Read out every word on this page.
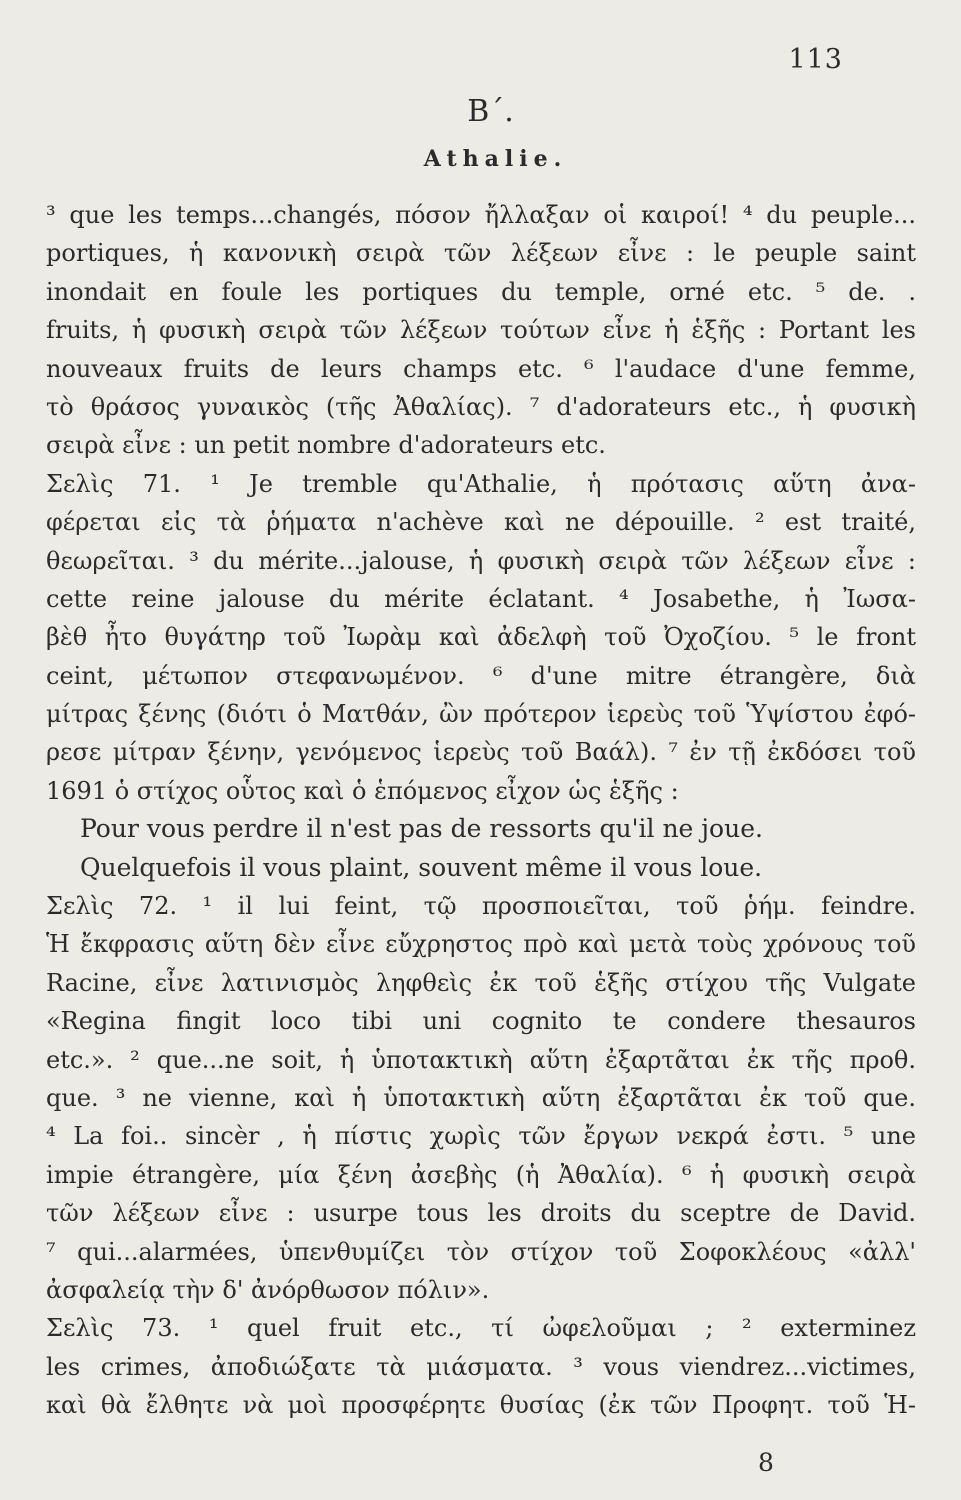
113
B΄.
Athalie.
³ que les temps...changés, πόσον ἤλλαξαν οἱ καιροί! ⁴ du peuple...
portiques, ἡ κανονικὴ σειρὰ τῶν λέξεων εἶνε : le peuple saint
inondait en foule les portiques du temple, orné etc. ⁵ de. .
fruits, ἡ φυσικὴ σειρὰ τῶν λέξεων τούτων εἶνε ἡ ἑξῆς : Portant les
nouveaux fruits de leurs champs etc. ⁶ l'audace d'une femme,
τὸ θράσος γυναικὸς (τῆς Ἀθαλίας). ⁷ d'adorateurs etc., ἡ φυσικὴ
σειρὰ εἶνε : un petit nombre d'adorateurs etc.
Σελὶς 71. ¹ Je tremble qu'Athalie, ἡ πρότασις αὕτη ἀνα-
φέρεται εἰς τὰ ῥήματα n'achève καὶ ne dépouille. ² est traité,
θεωρεῖται. ³ du mérite...jalouse, ἡ φυσικὴ σειρὰ τῶν λέξεων εἶνε :
cette reine jalouse du mérite éclatant. ⁴ Josabethe, ἡ Ἰωσα-
βὲθ ἦτο θυγάτηρ τοῦ Ἰωρὰμ καὶ ἀδελφὴ τοῦ Ὀχοζίου. ⁵ le front
ceint, μέτωπον στεφανωμένον. ⁶ d'une mitre étrangère, διὰ
μίτρας ξένης (διότι ὁ Ματθάν, ὢν πρότερον ἱερεὺς τοῦ Ὑψίστου ἐφό-
ρεσε μίτραν ξένην, γενόμενος ἱερεὺς τοῦ Βαάλ). ⁷ ἐν τῇ ἐκδόσει τοῦ
1691 ὁ στίχος οὗτος καὶ ὁ ἑπόμενος εἶχον ὡς ἑξῆς :
Pour vous perdre il n'est pas de ressorts qu'il ne joue.
Quelquefois il vous plaint, souvent même il vous loue.
Σελὶς 72. ¹ il lui feint, τῷ προσποιεῖται, τοῦ ῥήμ. feindre.
Ἡ ἔκφρασις αὕτη δὲν εἶνε εὔχρηστος πρὸ καὶ μετὰ τοὺς χρόνους τοῦ
Racine, εἶνε λατινισμὸς ληφθεὶς ἐκ τοῦ ἑξῆς στίχου τῆς Vulgate
«Regina fingit loco tibi uni cognito te condere thesauros
etc.». ² que...ne soit, ἡ ὑποτακτικὴ αὕτη ἐξαρτᾶται ἐκ τῆς προθ.
que. ³ ne vienne, καὶ ἡ ὑποτακτικὴ αὕτη ἐξαρτᾶται ἐκ τοῦ que.
⁴ La foi.. sincèr , ἡ πίστις χωρὶς τῶν ἔργων νεκρά ἐστι. ⁵ une
impie étrangère, μία ξένη ἀσεβὴς (ἡ Ἀθαλία). ⁶ ἡ φυσικὴ σειρὰ
τῶν λέξεων εἶνε : usurpe tous les droits du sceptre de David.
⁷ qui...alarmées, ὑπενθυμίζει τὸν στίχον τοῦ Σοφοκλέους «ἀλλ'
ἀσφαλείᾳ τὴν δ' ἀνόρθωσον πόλιν».
Σελὶς 73. ¹ quel fruit etc., τί ὠφελοῦμαι ; ² exterminez
les crimes, ἀποδιώξατε τὰ μιάσματα. ³ vous viendrez...victimes,
καὶ θὰ ἔλθητε νὰ μοὶ προσφέρητε θυσίας (ἐκ τῶν Προφητ. τοῦ Ἡ-
8
